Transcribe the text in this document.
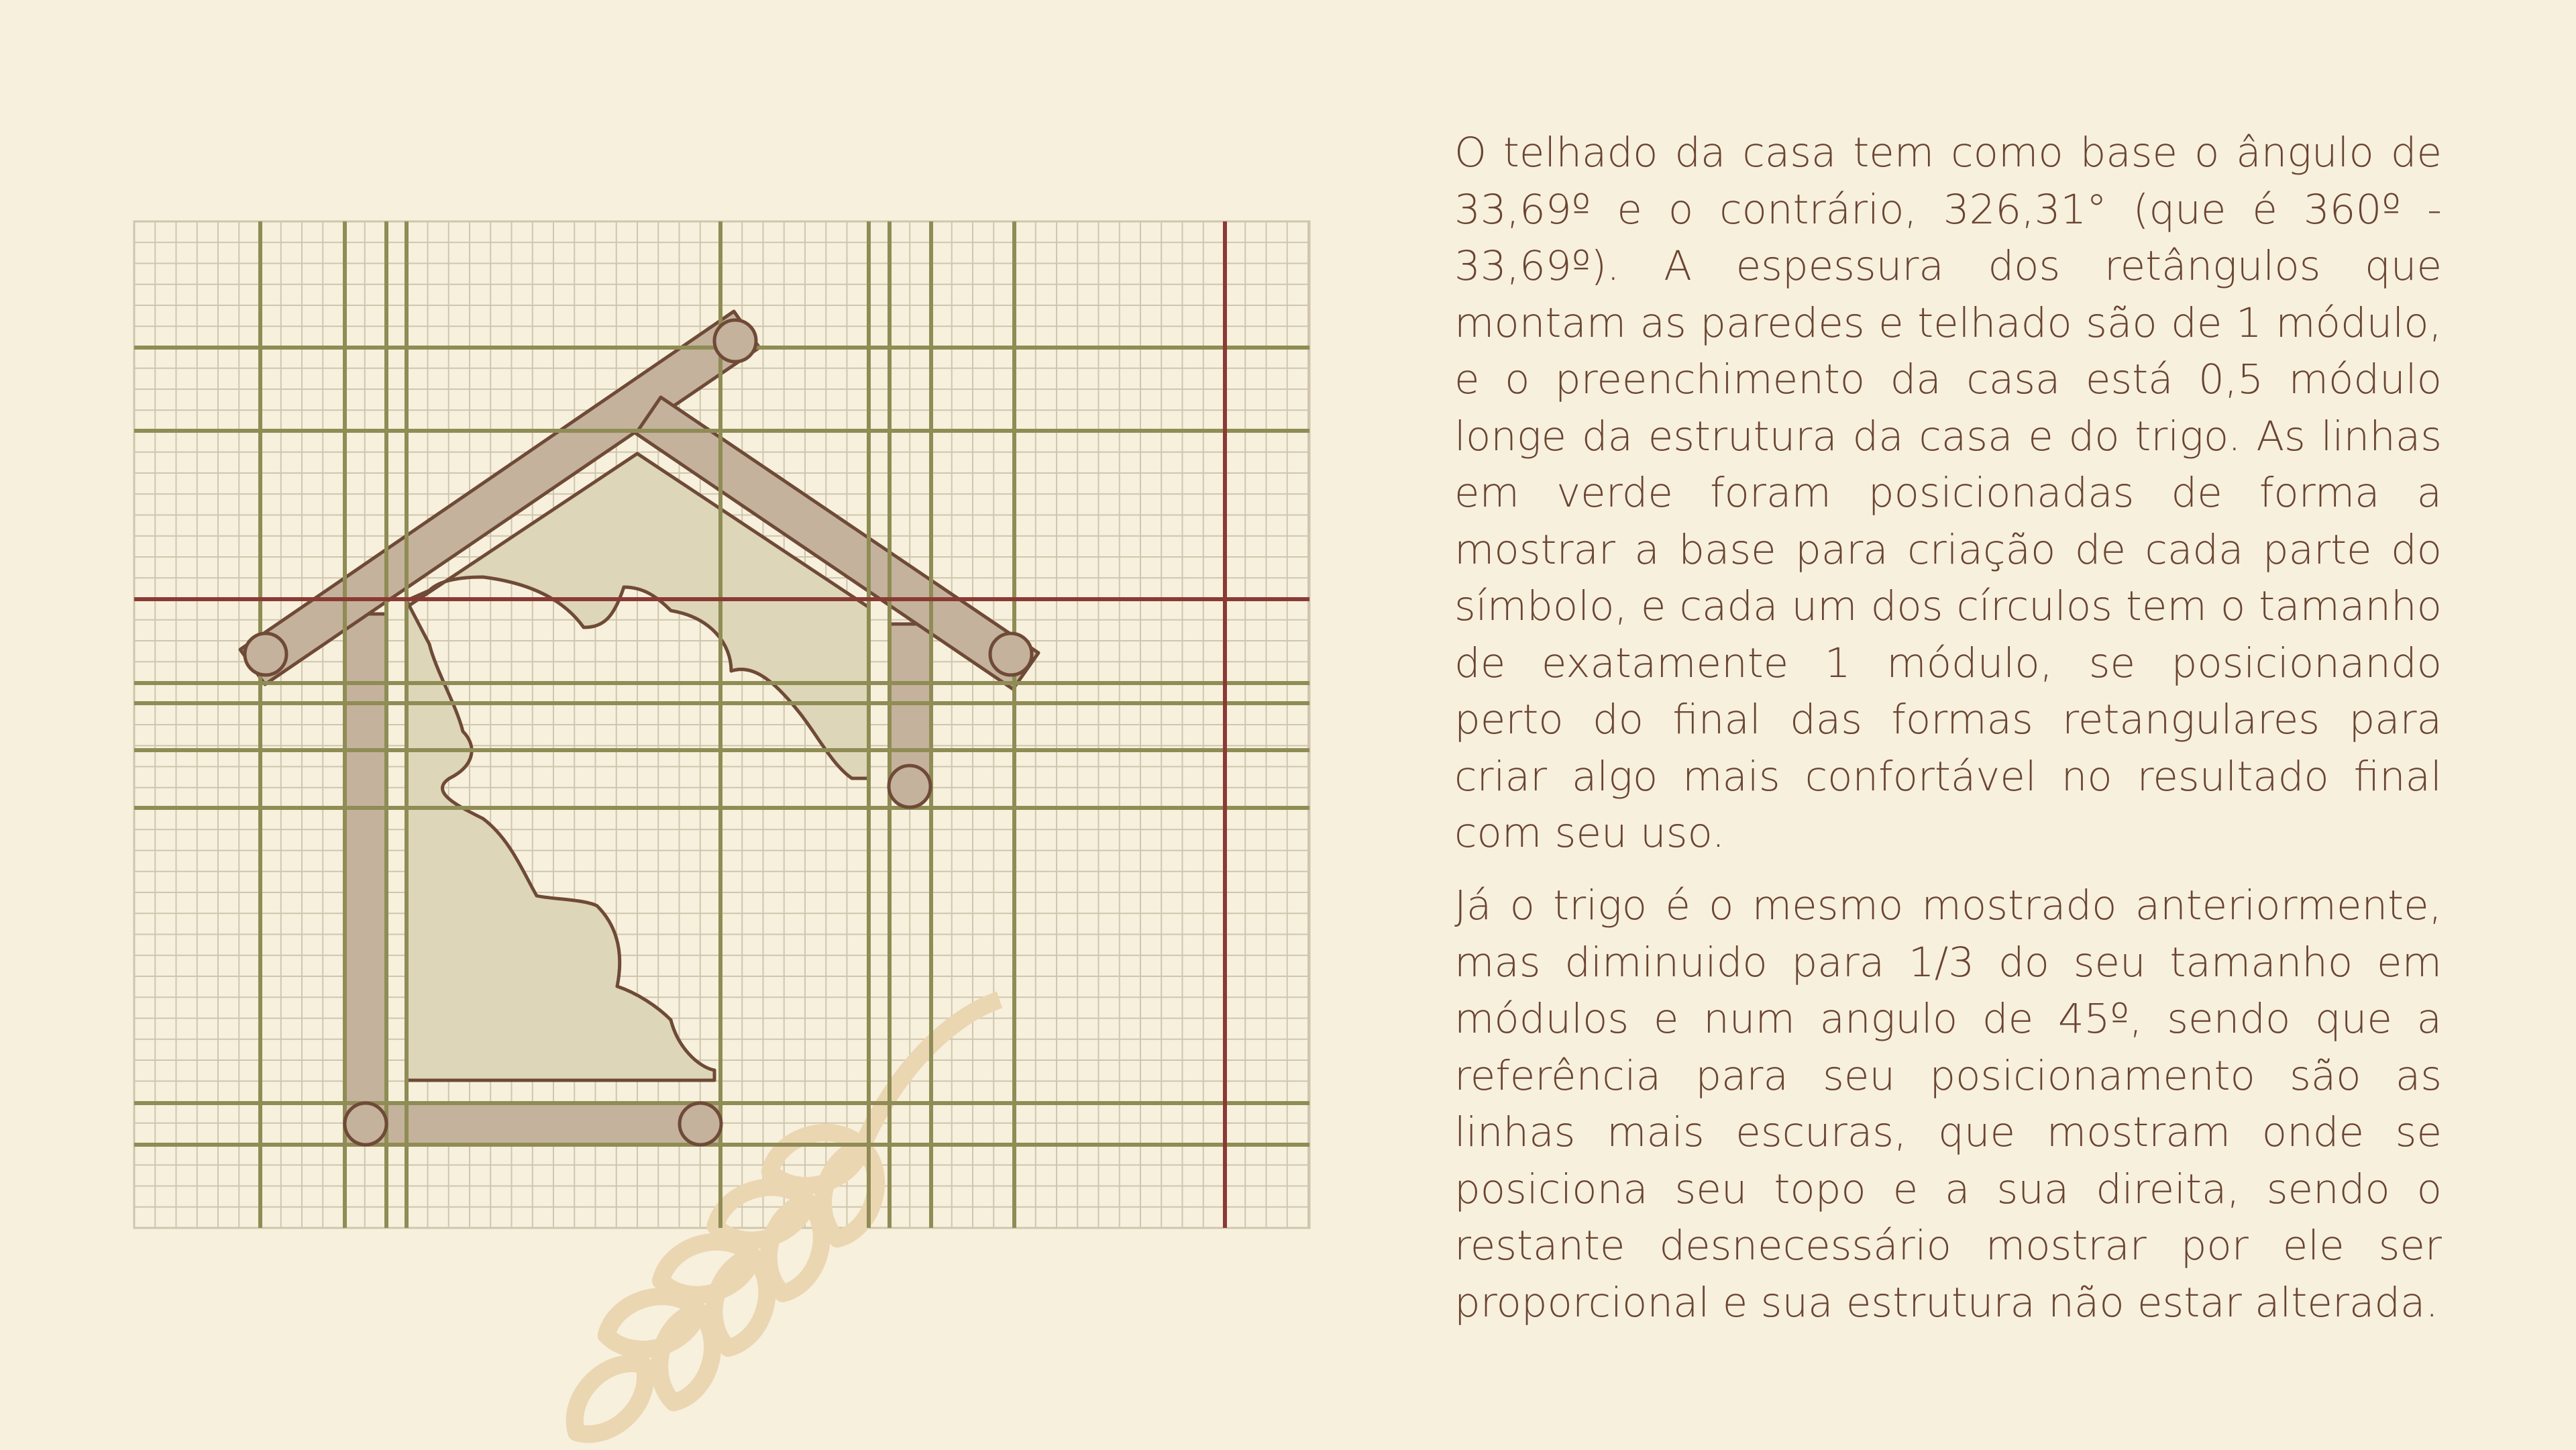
O telhado da casa tem como base o ângulo de 33,69º e o contrário, 326,31° (que é 360º - 33,69º). A espessura dos retângulos que montam as paredes e telhado são de 1 módulo, e o preenchimento da casa está 0,5 módulo longe da estrutura da casa e do trigo. As linhas em verde foram posicionadas de forma a mostrar a base para criação de cada parte do símbolo, e cada um dos círculos tem o tamanho de exatamente 1 módulo, se posicionando perto do final das formas retangulares para criar algo mais confortável no resultado final com seu uso.

Já o trigo é o mesmo mostrado anteriormente, mas diminuido para 1/3 do seu tamanho em módulos e num angulo de 45º, sendo que a referência para seu posicionamento são as linhas mais escuras, que mostram onde se posiciona seu topo e a sua direita, sendo o restante desnecessário mostrar por ele ser proporcional e sua estrutura não estar alterada.
